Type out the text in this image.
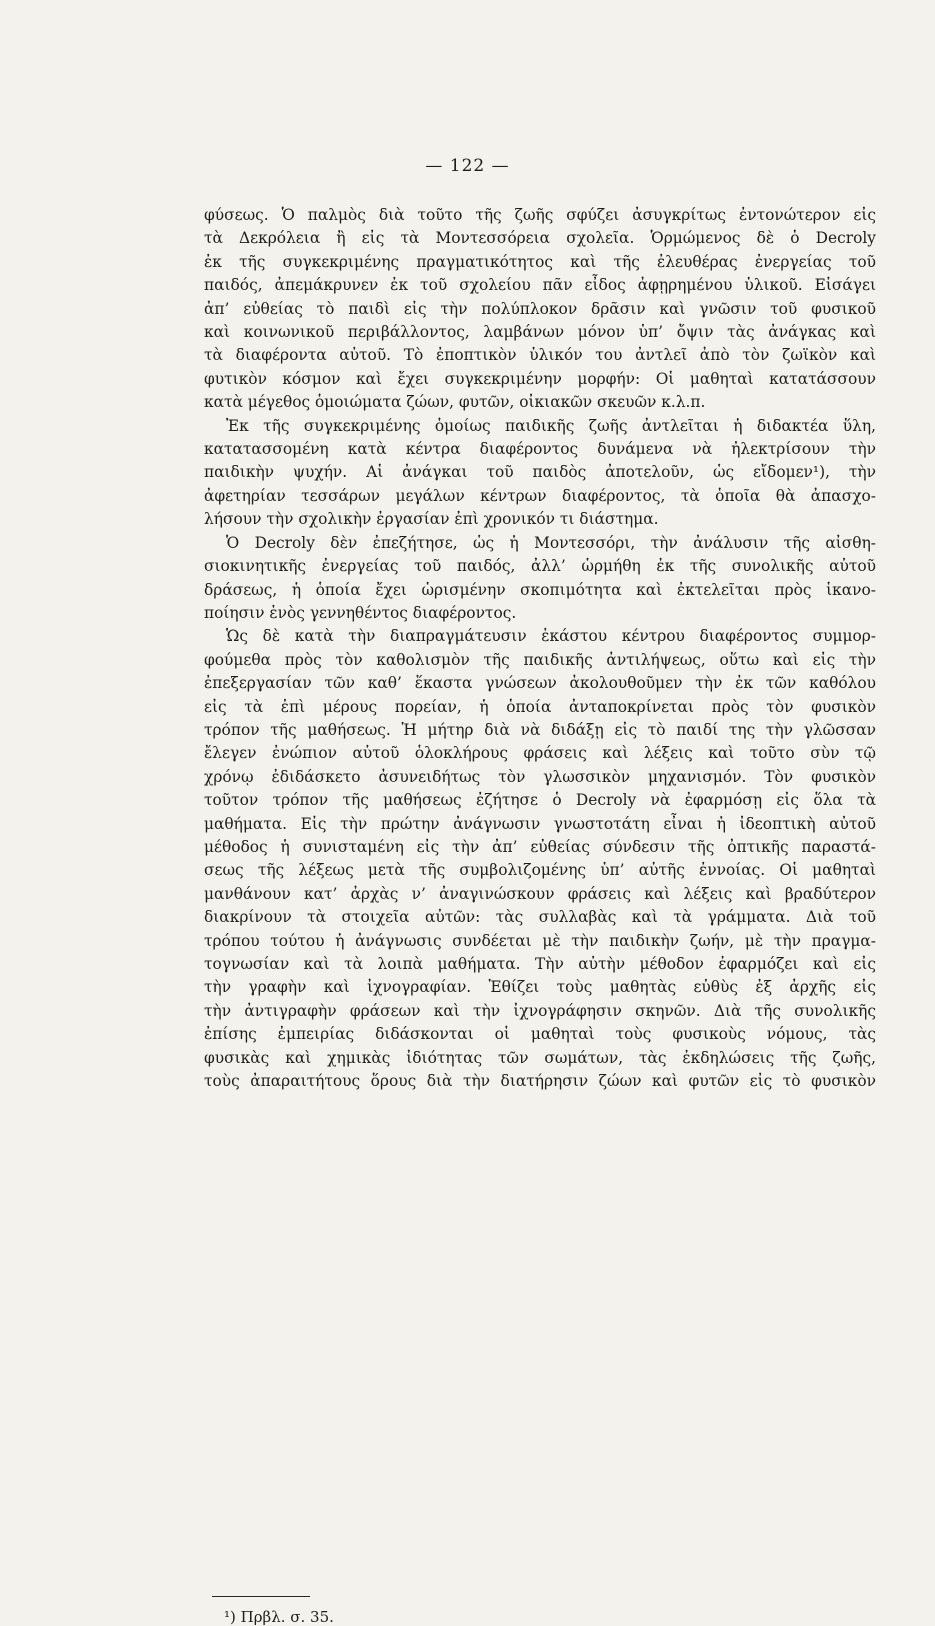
— 122 —
φύσεως. Ὁ παλμὸς διὰ τοῦτο τῆς ζωῆς σφύζει ἀσυγκρίτως ἐντονώτερον εἰς
τὰ Δεκρόλεια ἢ εἰς τὰ Μοντεσσόρεια σχολεῖα. Ὁρμώμενος δὲ ὁ Decroly
ἐκ τῆς συγκεκριμένης πραγματικότητος καὶ τῆς ἐλευθέρας ἐνεργείας τοῦ
παιδός, ἀπεμάκρυνεν ἐκ τοῦ σχολείου πᾶν εἶδος ἀφῃρημένου ὑλικοῦ. Εἰσάγει
ἀπ’ εὐθείας τὸ παιδὶ εἰς τὴν πολύπλοκον δρᾶσιν καὶ γνῶσιν τοῦ φυσικοῦ
καὶ κοινωνικοῦ περιβάλλοντος, λαμβάνων μόνον ὑπ’ ὄψιν τὰς ἀνάγκας καὶ
τὰ διαφέροντα αὐτοῦ. Τὸ ἐποπτικὸν ὑλικόν του ἀντλεῖ ἀπὸ τὸν ζωϊκὸν καὶ
φυτικὸν κόσμον καὶ ἔχει συγκεκριμένην μορφήν: Οἱ μαθηταὶ κατατάσσουν
κατὰ μέγεθος ὁμοιώματα ζώων, φυτῶν, οἰκιακῶν σκευῶν κ.λ.π.
Ἐκ τῆς συγκεκριμένης ὁμοίως παιδικῆς ζωῆς ἀντλεῖται ἡ διδακτέα ὕλη,
κατατασσομένη κατὰ κέντρα διαφέροντος δυνάμενα νὰ ἠλεκτρίσουν τὴν
παιδικὴν ψυχήν. Αἱ ἀνάγκαι τοῦ παιδὸς ἀποτελοῦν, ὡς εἴδομεν¹), τὴν
ἀφετηρίαν τεσσάρων μεγάλων κέντρων διαφέροντος, τὰ ὁποῖα θὰ ἀπασχο-
λήσουν τὴν σχολικὴν ἐργασίαν ἐπὶ χρονικόν τι διάστημα.
Ὁ Decroly δὲν ἐπεζήτησε, ὡς ἡ Μοντεσσόρι, τὴν ἀνάλυσιν τῆς αἰσθη-
σιοκινητικῆς ἐνεργείας τοῦ παιδός, ἀλλ’ ὡρμήθη ἐκ τῆς συνολικῆς αὐτοῦ
δράσεως, ἡ ὁποία ἔχει ὡρισμένην σκοπιμότητα καὶ ἐκτελεῖται πρὸς ἱκανο-
ποίησιν ἑνὸς γεννηθέντος διαφέροντος.
Ὡς δὲ κατὰ τὴν διαπραγμάτευσιν ἑκάστου κέντρου διαφέροντος συμμορ-
φούμεθα πρὸς τὸν καθολισμὸν τῆς παιδικῆς ἀντιλήψεως, οὕτω καὶ εἰς τὴν
ἐπεξεργασίαν τῶν καθ’ ἕκαστα γνώσεων ἀκολουθοῦμεν τὴν ἐκ τῶν καθόλου
εἰς τὰ ἐπὶ μέρους πορείαν, ἡ ὁποία ἀνταποκρίνεται πρὸς τὸν φυσικὸν
τρόπον τῆς μαθήσεως. Ἡ μήτηρ διὰ νὰ διδάξῃ εἰς τὸ παιδί της τὴν γλῶσσαν
ἔλεγεν ἐνώπιον αὐτοῦ ὁλοκλήρους φράσεις καὶ λέξεις καὶ τοῦτο σὺν τῷ
χρόνῳ ἐδιδάσκετο ἀσυνειδήτως τὸν γλωσσικὸν μηχανισμόν. Τὸν φυσικὸν
τοῦτον τρόπον τῆς μαθήσεως ἐζήτησε ὁ Decroly νὰ ἐφαρμόσῃ εἰς ὅλα τὰ
μαθήματα. Εἰς τὴν πρώτην ἀνάγνωσιν γνωστοτάτη εἶναι ἡ ἰδεοπτικὴ αὐτοῦ
μέθοδος ἡ συνισταμένη εἰς τὴν ἀπ’ εὐθείας σύνδεσιν τῆς ὀπτικῆς παραστά-
σεως τῆς λέξεως μετὰ τῆς συμβολιζομένης ὑπ’ αὐτῆς ἐννοίας. Οἱ μαθηταὶ
μανθάνουν κατ’ ἀρχὰς ν’ ἀναγινώσκουν φράσεις καὶ λέξεις καὶ βραδύτερον
διακρίνουν τὰ στοιχεῖα αὐτῶν: τὰς συλλαβὰς καὶ τὰ γράμματα. Διὰ τοῦ
τρόπου τούτου ἡ ἀνάγνωσις συνδέεται μὲ τὴν παιδικὴν ζωήν, μὲ τὴν πραγμα-
τογνωσίαν καὶ τὰ λοιπὰ μαθήματα. Τὴν αὐτὴν μέθοδον ἐφαρμόζει καὶ εἰς
τὴν γραφὴν καὶ ἰχνογραφίαν. Ἐθίζει τοὺς μαθητὰς εὐθὺς ἐξ ἀρχῆς εἰς
τὴν ἀντιγραφὴν φράσεων καὶ τὴν ἰχνογράφησιν σκηνῶν. Διὰ τῆς συνολικῆς
ἐπίσης ἐμπειρίας διδάσκονται οἱ μαθηταὶ τοὺς φυσικοὺς νόμους, τὰς
φυσικὰς καὶ χημικὰς ἰδιότητας τῶν σωμάτων, τὰς ἐκδηλώσεις τῆς ζωῆς,
τοὺς ἀπαραιτήτους ὅρους διὰ τὴν διατήρησιν ζώων καὶ φυτῶν εἰς τὸ φυσικὸν
¹) Πρβλ. σ. 35.
